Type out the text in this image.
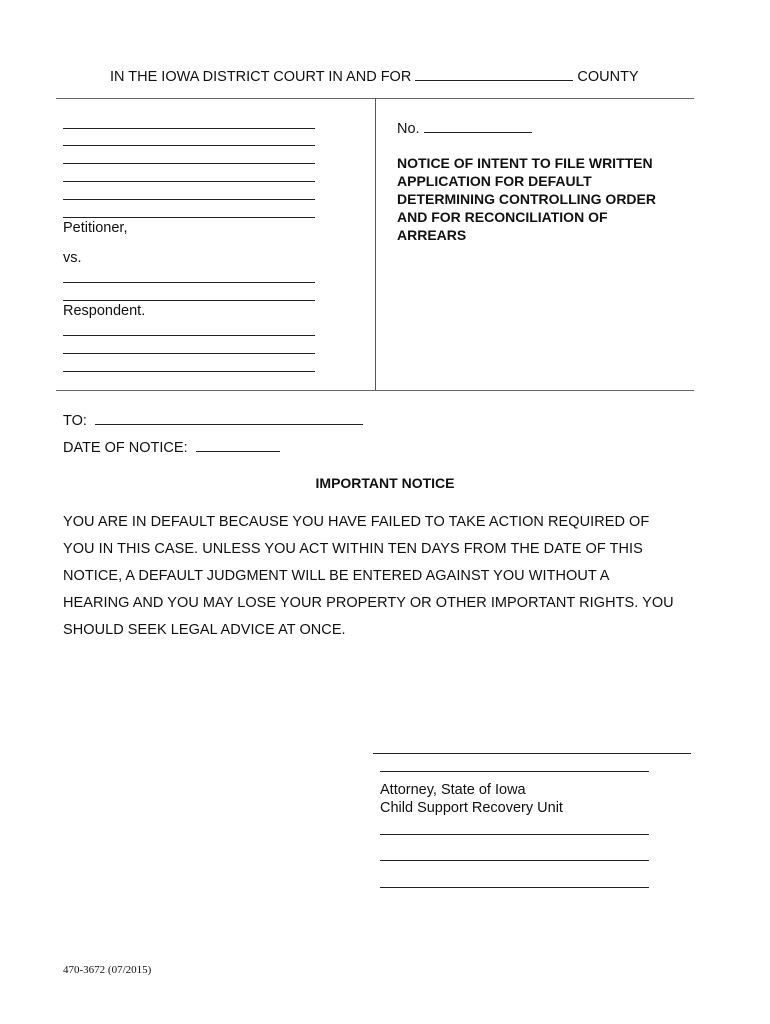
IN THE IOWA DISTRICT COURT IN AND FOR	COUNTY
Petitioner,
vs.
Respondent.
No.
NOTICE OF INTENT TO FILE WRITTEN
APPLICATION FOR DEFAULT
DETERMINING CONTROLLING ORDER
AND FOR RECONCILIATION OF
ARREARS
TO:
DATE OF NOTICE:
IMPORTANT NOTICE
YOU ARE IN DEFAULT BECAUSE YOU HAVE FAILED TO TAKE ACTION REQUIRED OF
YOU IN THIS CASE. UNLESS YOU ACT WITHIN TEN DAYS FROM THE DATE OF THIS
NOTICE, A DEFAULT JUDGMENT WILL BE ENTERED AGAINST YOU WITHOUT A
HEARING AND YOU MAY LOSE YOUR PROPERTY OR OTHER IMPORTANT RIGHTS. YOU
SHOULD SEEK LEGAL ADVICE AT ONCE.
Attorney, State of Iowa
Child Support Recovery Unit
470-3672 (07/2015)
